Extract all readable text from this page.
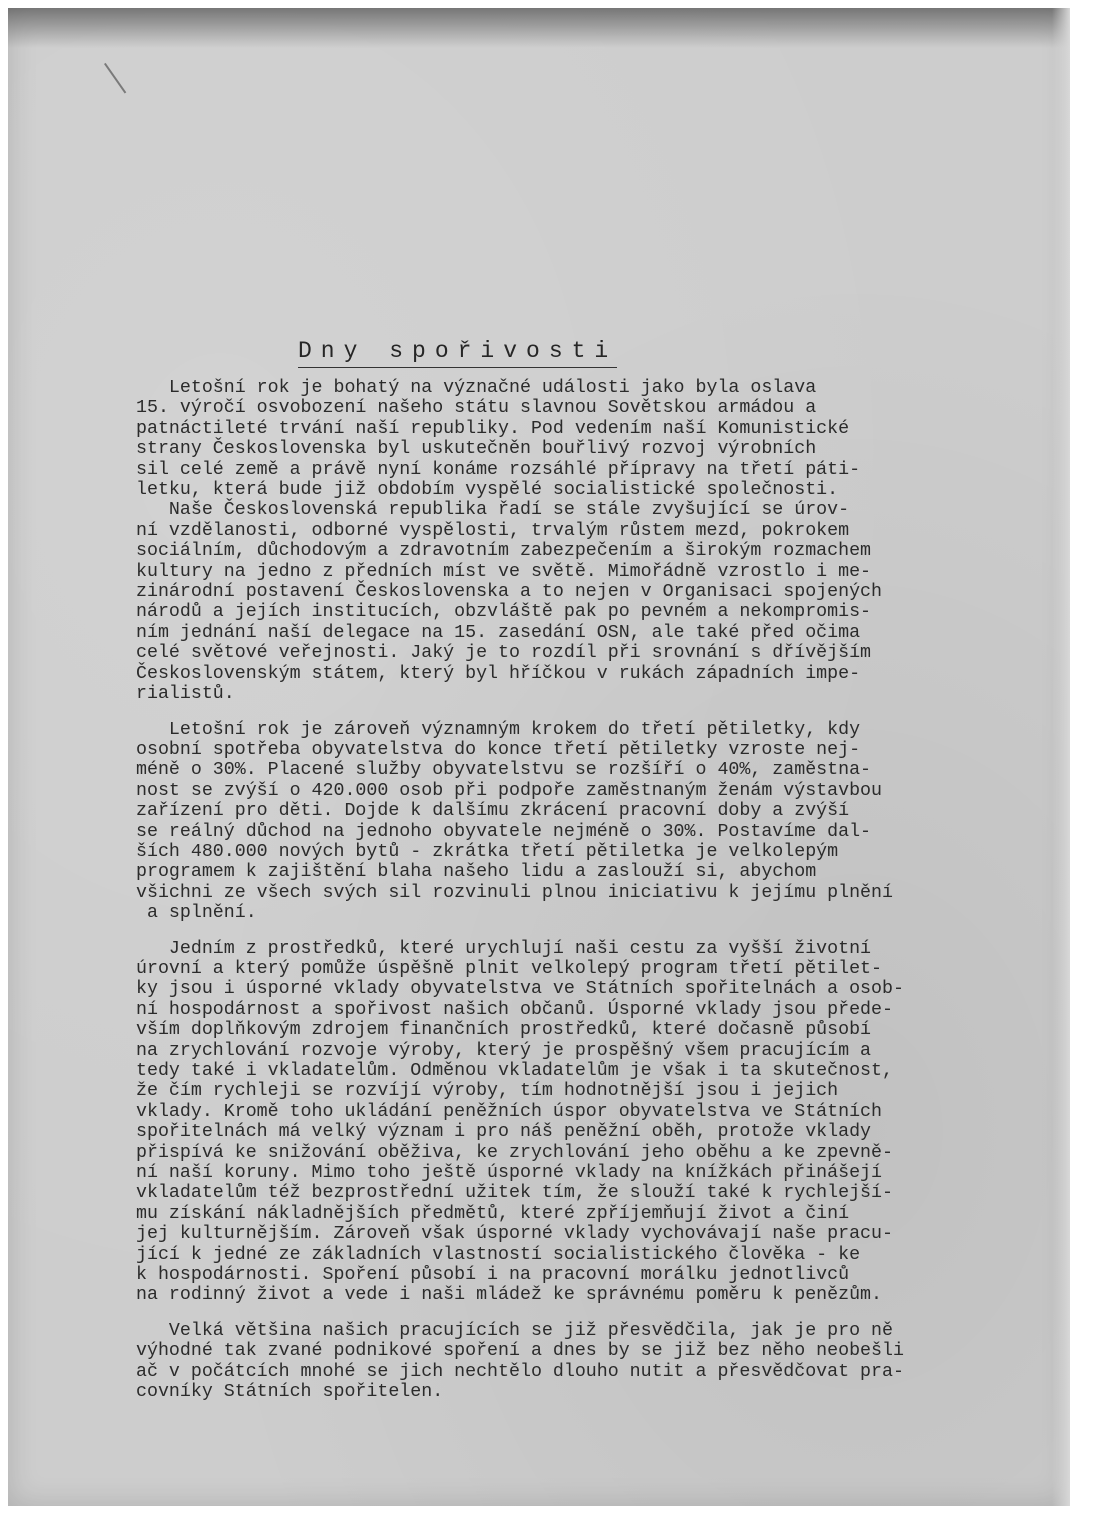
Dny spořivosti
Letošní rok je bohatý na význačné události jako byla oslava
15. výročí osvobození našeho státu slavnou Sovětskou armádou a
patnáctileté trvání naší republiky. Pod vedením naší Komunistické
strany Československa byl uskutečněn bouřlivý rozvoj výrobních
sil celé země a právě nyní konáme rozsáhlé přípravy na třetí páti-
letku, která bude již obdobím vyspělé socialistické společnosti.
Naše Československá republika řadí se stále zvyšující se úrov-
ní vzdělanosti, odborné vyspělosti, trvalým růstem mezd, pokrokem
sociálním, důchodovým a zdravotním zabezpečením a širokým rozmachem
kultury na jedno z předních míst ve světě. Mimořádně vzrostlo i me-
zinárodní postavení Československa a to nejen v Organisaci spojených
národů a jejích institucích, obzvláště pak po pevném a nekompromis-
ním jednání naší delegace na 15. zasedání OSN, ale také před očima
celé světové veřejnosti. Jaký je to rozdíl při srovnání s dřívějším
Československým státem, který byl hříčkou v rukách západních impe-
rialistů.
Letošní rok je zároveň významným krokem do třetí pětiletky, kdy
osobní spotřeba obyvatelstva do konce třetí pětiletky vzroste nej-
méně o 30%. Placené služby obyvatelstvu se rozšíří o 40%, zaměstna-
nost se zvýší o 420.000 osob při podpoře zaměstnaným ženám výstavbou
zařízení pro děti. Dojde k dalšímu zkrácení pracovní doby a zvýší
se reálný důchod na jednoho obyvatele nejméně o 30%. Postavíme dal-
ších 480.000 nových bytů - zkrátka třetí pětiletka je velkolepým
programem k zajištění blaha našeho lidu a zaslouží si, abychom
všichni ze všech svých sil rozvinuli plnou iniciativu k jejímu plnění
a splnění.
Jedním z prostředků, které urychlují naši cestu za vyšší životní
úrovní a který pomůže úspěšně plnit velkolepý program třetí pětilet-
ky jsou i úsporné vklady obyvatelstva ve Státních spořitelnách a osob-
ní hospodárnost a spořivost našich občanů. Úsporné vklady jsou přede-
vším doplňkovým zdrojem finančních prostředků, které dočasně působí
na zrychlování rozvoje výroby, který je prospěšný všem pracujícím a
tedy také i vkladatelům. Odměnou vkladatelům je však i ta skutečnost,
že čím rychleji se rozvíjí výroby, tím hodnotnější jsou i jejich
vklady. Kromě toho ukládání peněžních úspor obyvatelstva ve Státních
spořitelnách má velký význam i pro náš peněžní oběh, protože vklady
přispívá ke snižování oběživa, ke zrychlování jeho oběhu a ke zpevně-
ní naší koruny. Mimo toho ještě úsporné vklady na knížkách přinášejí
vkladatelům též bezprostřední užitek tím, že slouží také k rychlejší-
mu získání nákladnějších předmětů, které zpříjemňují život a činí
jej kulturnějším. Zároveň však úsporné vklady vychovávají naše pracu-
jící k jedné ze základních vlastností socialistického člověka - ke
k hospodárnosti. Spoření působí i na pracovní morálku jednotlivců
na rodinný život a vede i naši mládež ke správnému poměru k penězům.
Velká většina našich pracujících se již přesvědčila, jak je pro ně
výhodné tak zvané podnikové spoření a dnes by se již bez něho neobešli
ač v počátcích mnohé se jich nechtělo dlouho nutit a přesvědčovat pra-
covníky Státních spořitelen.
